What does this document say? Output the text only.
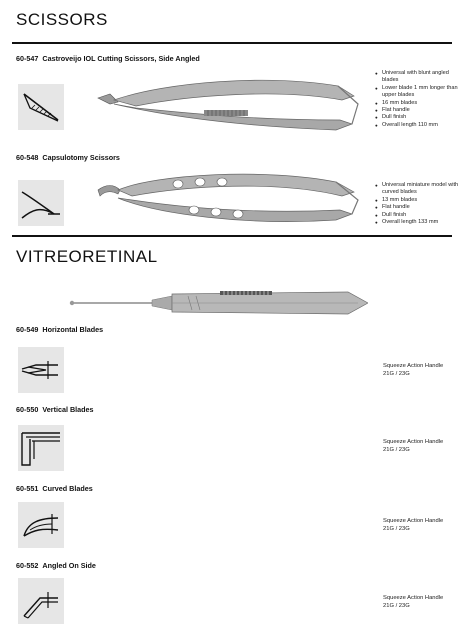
SCISSORS
60-547 Castroveijo IOL Cutting Scissors, Side Angled
● Universal with blunt angled blades
● Lower blade 1 mm longer than upper blades
● 16 mm blades
● Flat handle
● Dull finish
● Overall length 110 mm
60-548 Capsulotomy Scissors
● Universal miniature model with curved blades
● 13 mm blades
● Flat handle
● Dull finish
● Overall length 133 mm
VITREORETINAL
60-549 Horizontal Blades
Squeeze Action Handle
21G / 23G
60-550 Vertical Blades
Squeeze Action Handle
21G / 23G
60-551 Curved Blades
Squeeze Action Handle
21G / 23G
60-552 Angled On Side
Squeeze Action Handle
21G / 23G
